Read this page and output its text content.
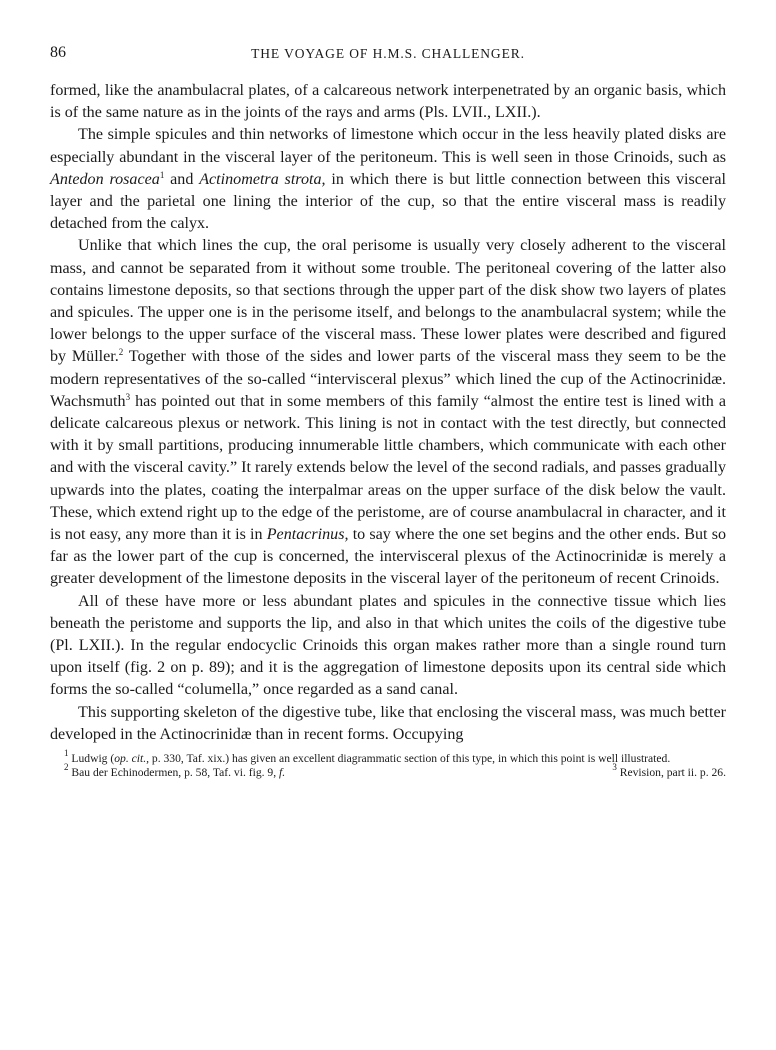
86	THE VOYAGE OF H.M.S. CHALLENGER.

formed, like the anambulacral plates, of a calcareous network interpenetrated by an organic basis, which is of the same nature as in the joints of the rays and arms (Pls. LVII., LXII.).

The simple spicules and thin networks of limestone which occur in the less heavily plated disks are especially abundant in the visceral layer of the peritoneum. This is well seen in those Crinoids, such as Antedon rosacea$^1$ and Actinometra strota, in which there is but little connection between this visceral layer and the parietal one lining the interior of the cup, so that the entire visceral mass is readily detached from the calyx.

Unlike that which lines the cup, the oral perisome is usually very closely adherent to the visceral mass, and cannot be separated from it without some trouble. The peritoneal covering of the latter also contains limestone deposits, so that sections through the upper part of the disk show two layers of plates and spicules. The upper one is in the perisome itself, and belongs to the anambulacral system; while the lower belongs to the upper surface of the visceral mass. These lower plates were described and figured by Müller.$^2$ Together with those of the sides and lower parts of the visceral mass they seem to be the modern representatives of the so-called “intervisceral plexus” which lined the cup of the Actinocrinidæ. Wachsmuth$^3$ has pointed out that in some members of this family “almost the entire test is lined with a delicate calcareous plexus or network. This lining is not in contact with the test directly, but connected with it by small partitions, producing innumerable little chambers, which communicate with each other and with the visceral cavity.” It rarely extends below the level of the second radials, and passes gradually upwards into the plates, coating the interpalmar areas on the upper surface of the disk below the vault. These, which extend right up to the edge of the peristome, are of course anambulacral in character, and it is not easy, any more than it is in Pentacrinus, to say where the one set begins and the other ends. But so far as the lower part of the cup is concerned, the intervisceral plexus of the Actinocrinidæ is merely a greater development of the limestone deposits in the visceral layer of the peritoneum of recent Crinoids.

All of these have more or less abundant plates and spicules in the connective tissue which lies beneath the peristome and supports the lip, and also in that which unites the coils of the digestive tube (Pl. LXII.). In the regular endocyclic Crinoids this organ makes rather more than a single round turn upon itself (fig. 2 on p. 89); and it is the aggregation of limestone deposits upon its central side which forms the so-called “columella,” once regarded as a sand canal.

This supporting skeleton of the digestive tube, like that enclosing the visceral mass, was much better developed in the Actinocrinidæ than in recent forms. Occupying

$^1$ Ludwig (op. cit., p. 330, Taf. xix.) has given an excellent diagrammatic section of this type, in which this point is well illustrated.

$^2$ Bau der Echinodermen, p. 58, Taf. vi. fig. 9, f.	$^3$ Revision, part ii. p. 26.
